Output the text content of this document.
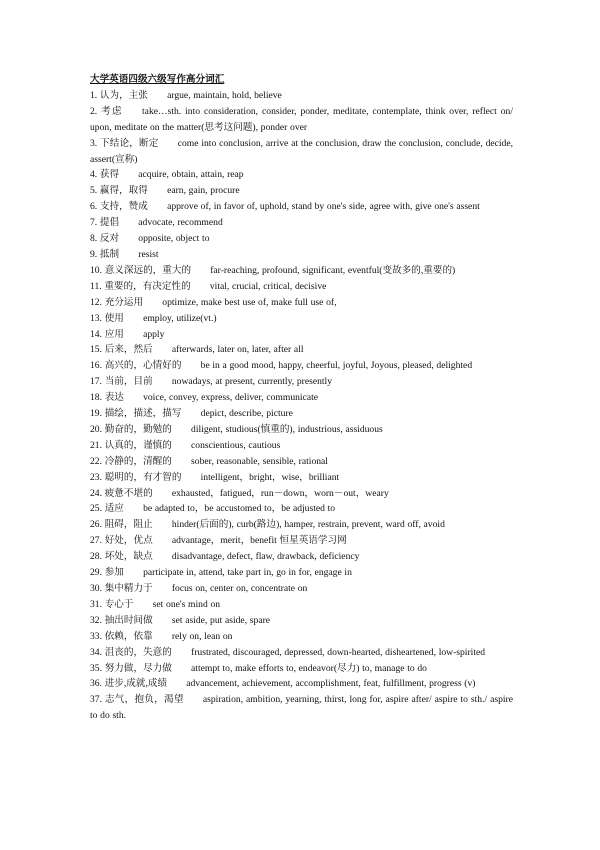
大学英语四级六级写作高分词汇
1. 认为，主张   argue, maintain, hold, believe
2. 考虑   take…sth. into consideration, consider, ponder, meditate, contemplate, think over, reflect on/ upon, meditate on the matter(思考这问题), ponder over
3. 下结论，断定   come into conclusion, arrive at the conclusion, draw the conclusion, conclude, decide, assert(宣称)
4. 获得   acquire, obtain, attain, reap
5. 赢得，取得   earn, gain, procure
6. 支持，赞成   approve of, in favor of, uphold, stand by one's side, agree with, give one's assent
7. 提倡   advocate, recommend
8. 反对   opposite, object to
9. 抵制   resist
10. 意义深远的，重大的   far-reaching, profound, significant, eventful(变故多的,重要的)
11. 重要的，有决定性的   vital, crucial, critical, decisive
12. 充分运用   optimize, make best use of, make full use of,
13. 使用   employ, utilize(vt.)
14. 应用   apply
15. 后来，然后   afterwards, later on, later, after all
16. 高兴的，心情好的   be in a good mood, happy, cheerful, joyful, Joyous, pleased, delighted
17. 当前，目前   nowadays, at present, currently, presently
18. 表达   voice, convey, express, deliver, communicate
19. 描绘，描述，描写   depict, describe, picture
20. 勤奋的，勤勉的   diligent, studious(慎重的), industrious, assiduous
21. 认真的，谨慎的   conscientious, cautious
22. 冷静的，清醒的   sober, reasonable, sensible, rational
23. 聪明的，有才智的   intelligent，bright，wise，brilliant
24. 疲惫不堪的   exhausted，fatigued，run－down，worn－out，weary
25. 适应   be adapted to，be accustomed to，be adjusted to
26. 阻碍，阻止   hinder(后面的), curb(路边), hamper, restrain, prevent, ward off, avoid
27. 好处，优点   advantage，merit，benefit 恒星英语学习网
28. 坏处，缺点   disadvantage, defect, flaw, drawback, deficiency
29. 参加   participate in, attend, take part in, go in for, engage in
30. 集中精力于   focus on, center on, concentrate on
31. 专心于   set one's mind on
32. 抽出时间做   set aside, put aside, spare
33. 依赖，依靠   rely on, lean on
34. 沮丧的，失意的   frustrated, discouraged, depressed, down-hearted, disheartened, low-spirited
35. 努力做，尽力做   attempt to, make efforts to, endeavor(尽力) to, manage to do
36. 进步,成就,成绩   advancement, achievement, accomplishment, feat, fulfillment, progress (v)
37. 志气，抱负，渴望   aspiration, ambition, yearning, thirst, long for, aspire after/ aspire to sth./ aspire to do sth.
